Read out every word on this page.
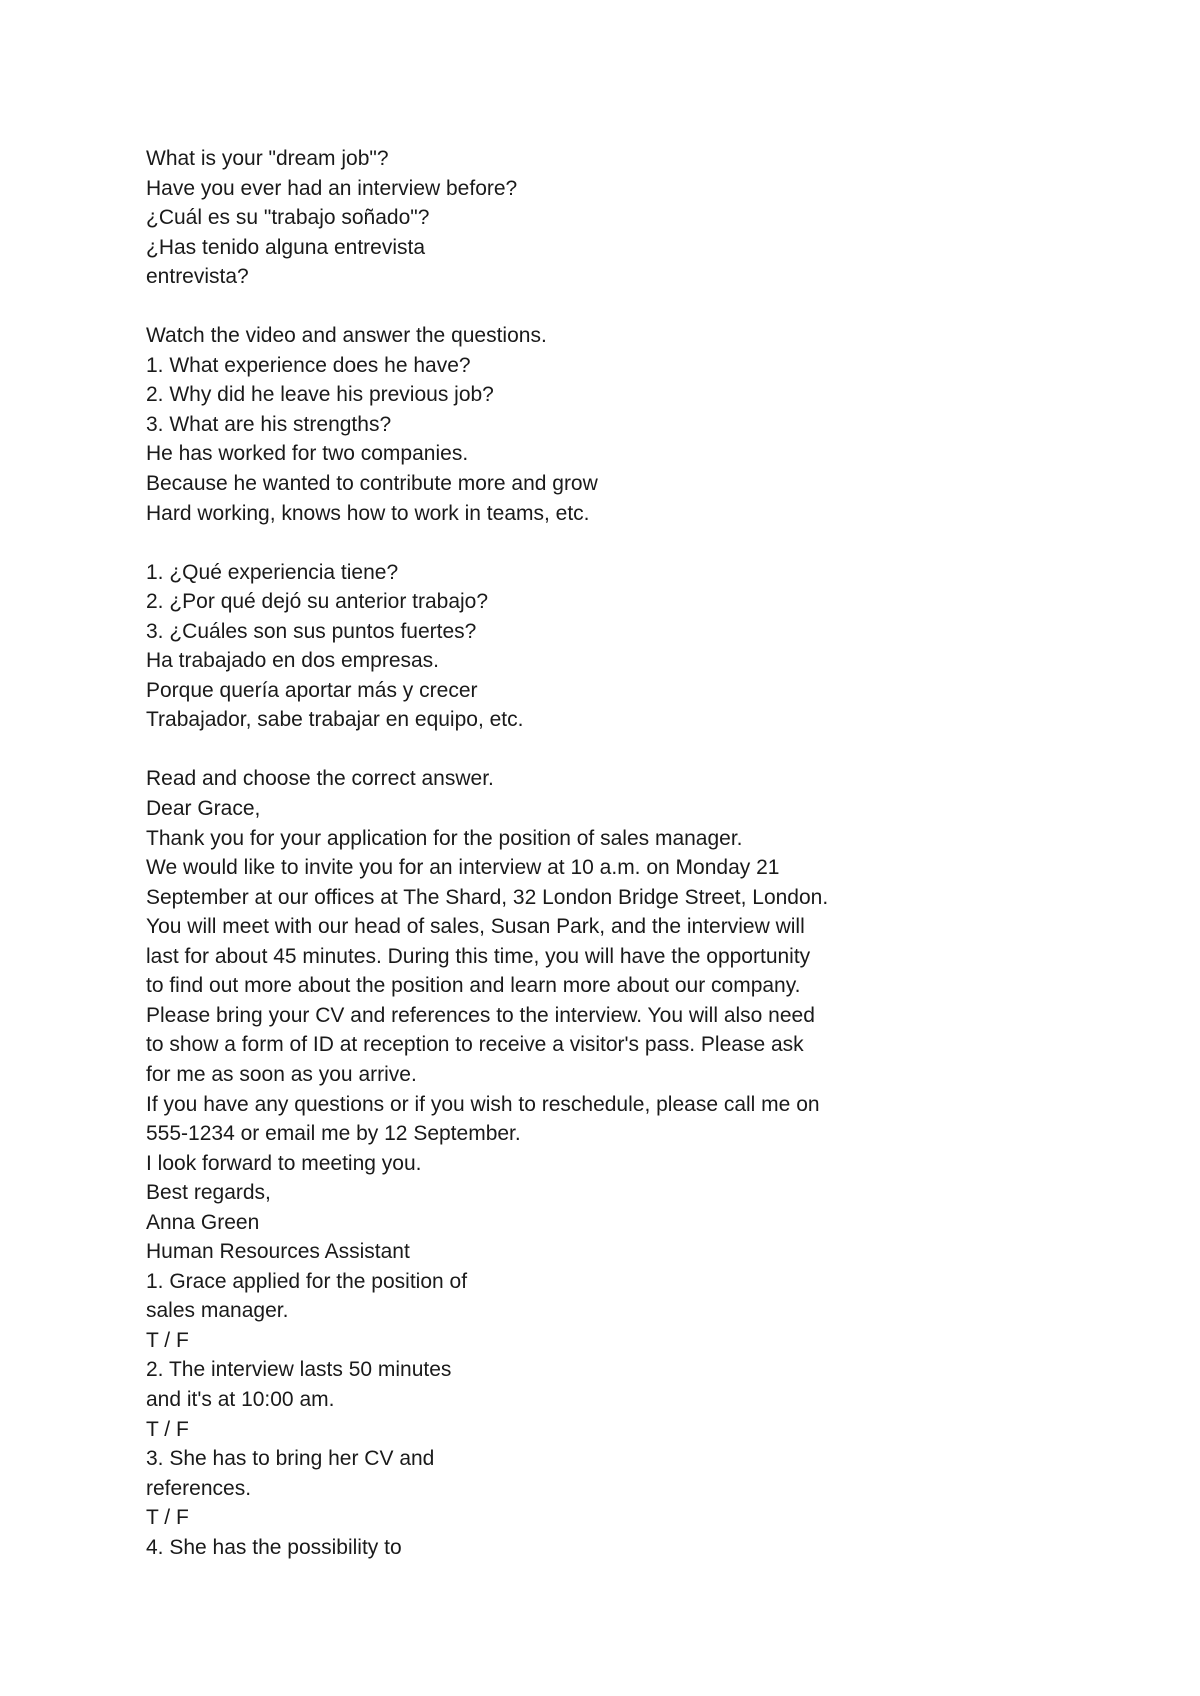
What is your "dream job"?
Have you ever had an interview before?
¿Cuál es su "trabajo soñado"?
¿Has tenido alguna entrevista
entrevista?
Watch the video and answer the questions.
1. What experience does he have?
2. Why did he leave his previous job?
3. What are his strengths?
He has worked for two companies.
Because he wanted to contribute more and grow
Hard working, knows how to work in teams, etc.
1. ¿Qué experiencia tiene?
2. ¿Por qué dejó su anterior trabajo?
3. ¿Cuáles son sus puntos fuertes?
Ha trabajado en dos empresas.
Porque quería aportar más y crecer
Trabajador, sabe trabajar en equipo, etc.
Read and choose the correct answer.
Dear Grace,
Thank you for your application for the position of sales manager.
We would like to invite you for an interview at 10 a.m. on Monday 21
September at our offices at The Shard, 32 London Bridge Street, London.
You will meet with our head of sales, Susan Park, and the interview will
last for about 45 minutes. During this time, you will have the opportunity
to find out more about the position and learn more about our company.
Please bring your CV and references to the interview. You will also need
to show a form of ID at reception to receive a visitor's pass. Please ask
for me as soon as you arrive.
If you have any questions or if you wish to reschedule, please call me on
555-1234 or email me by 12 September.
I look forward to meeting you.
Best regards,
Anna Green
Human Resources Assistant
1. Grace applied for the position of
sales manager.
T / F
2. The interview lasts 50 minutes
and it's at 10:00 am.
T / F
3. She has to bring her CV and
references.
T / F
4. She has the possibility to
